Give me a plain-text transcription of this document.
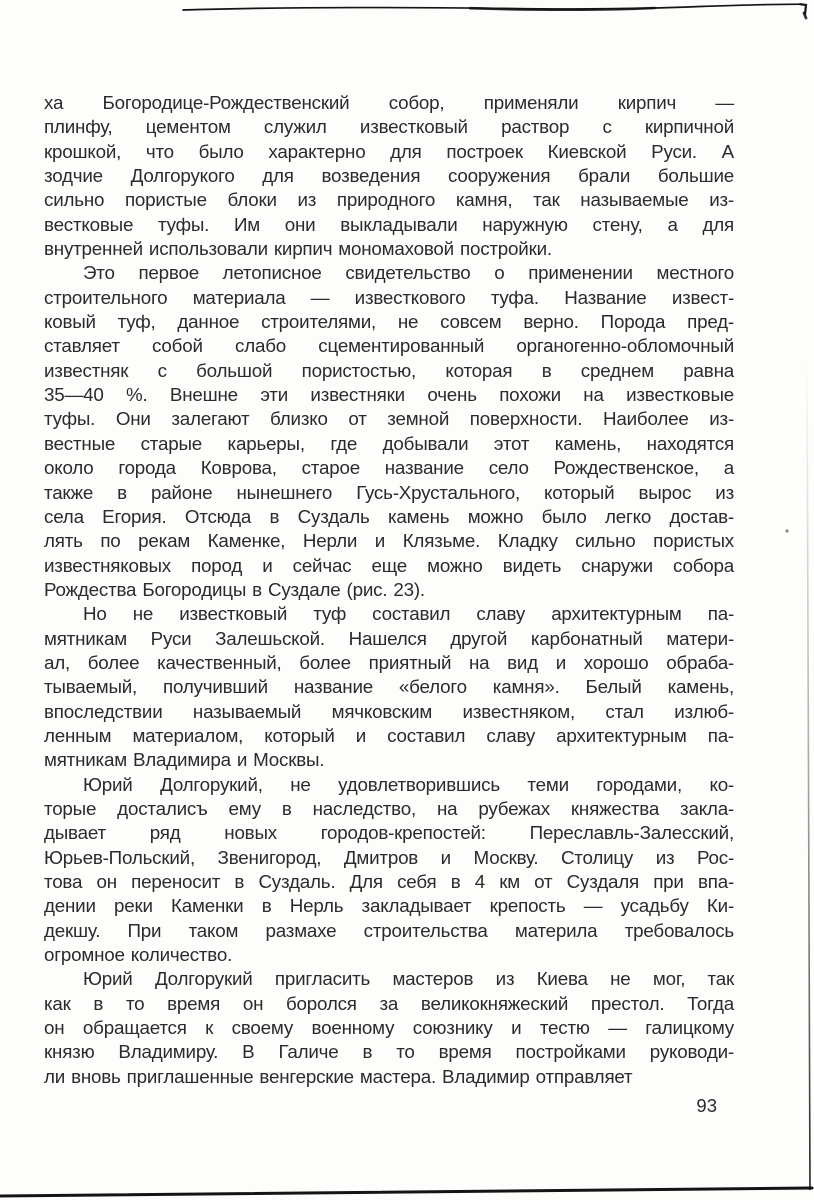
ха Богородице-Рождественский собор, применяли кирпич —
плинфу, цементом служил известковый раствор с кирпичной
крошкой, что было характерно для построек Киевской Руси. А
зодчие Долгорукого для возведения сооружения брали большие
сильно пористые блоки из природного камня, так называемые из-
вестковые туфы. Им они выкладывали наружную стену, а для
внутренней использовали кирпич мономаховой постройки.
Это первое летописное свидетельство о применении местного
строительного материала — известкового туфа. Название извест-
ковый туф, данное строителями, не совсем верно. Порода пред-
ставляет собой слабо сцементированный органогенно-обломочный
известняк с большой пористостью, которая в среднем равна
35—40 %. Внешне эти известняки очень похожи на известковые
туфы. Они залегают близко от земной поверхности. Наиболее из-
вестные старые карьеры, где добывали этот камень, находятся
около города Коврова, старое название село Рождественское, а
также в районе нынешнего Гусь-Хрустального, который вырос из
села Егория. Отсюда в Суздаль камень можно было легко достав-
лять по рекам Каменке, Нерли и Клязьме. Кладку сильно пористых
известняковых пород и сейчас еще можно видеть снаружи собора
Рождества Богородицы в Суздале (рис. 23).
Но не известковый туф составил славу архитектурным па-
мятникам Руси Залешьской. Нашелся другой карбонатный матери-
ал, более качественный, более приятный на вид и хорошо обраба-
тываемый, получивший название «белого камня». Белый камень,
впоследствии называемый мячковским известняком, стал излюб-
ленным материалом, который и составил славу архитектурным па-
мятникам Владимира и Москвы.
Юрий Долгорукий, не удовлетворившись теми городами, ко-
торые досталисъ ему в наследство, на рубежах княжества закла-
дывает ряд новых городов-крепостей: Переславль-Залесский,
Юрьев-Польский, Звенигород, Дмитров и Москву. Столицу из Рос-
това он переносит в Суздаль. Для себя в 4 км от Суздаля при впа-
дении реки Каменки в Нерль закладывает крепость — усадьбу Ки-
декшу. При таком размахе строительства материла требовалось
огромное количество.
Юрий Долгорукий пригласить мастеров из Киева не мог, так
как в то время он боролся за великокняжеский престол. Тогда
он обращается к своему военному союзнику и тестю — галицкому
князю Владимиру. В Галиче в то время постройками руководи-
ли вновь приглашенные венгерские мастера. Владимир отправляет
93
